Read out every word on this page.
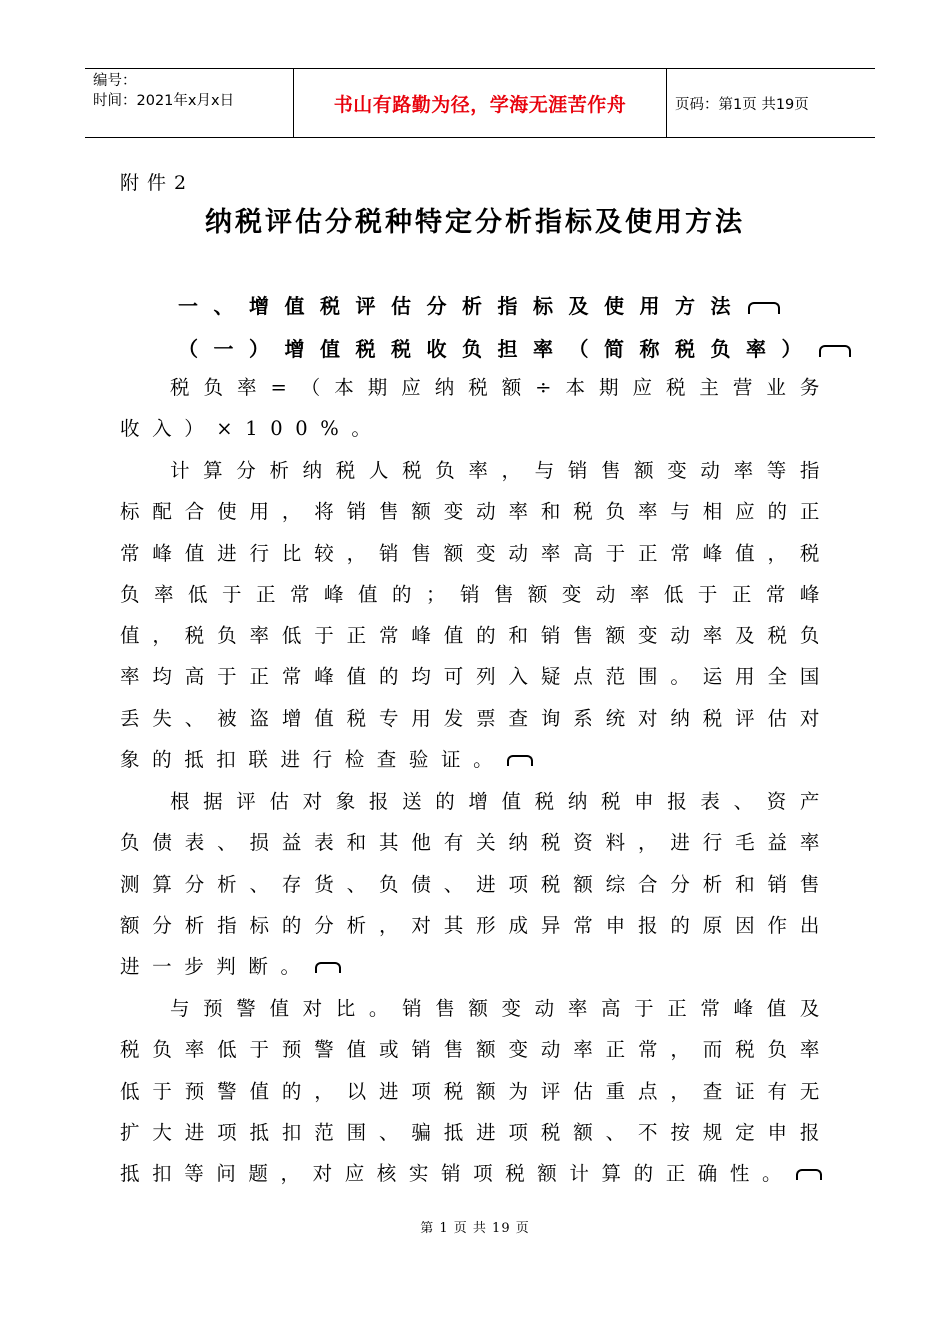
编号：
时间：2021年x月x日	书山有路勤为径，学海无涯苦作舟	页码：第1页 共19页
附件2
纳税评估分税种特定分析指标及使用方法
一、增值税评估分析指标及使用方法
（一）增值税税收负担率（简称税负率）
税负率=（本期应纳税额÷本期应税主营业务收入）×100%。
计算分析纳税人税负率，与销售额变动率等指标配合使用，将销售额变动率和税负率与相应的正常峰值进行比较，销售额变动率高于正常峰值，税负率低于正常峰值的；销售额变动率低于正常峰值，税负率低于正常峰值的和销售额变动率及税负率均高于正常峰值的均可列入疑点范围。运用全国丢失、被盗增值税专用发票查询系统对纳税评估对象的抵扣联进行检查验证。
根据评估对象报送的增值税纳税申报表、资产负债表、损益表和其他有关纳税资料，进行毛益率测算分析、存货、负债、进项税额综合分析和销售额分析指标的分析，对其形成异常申报的原因作出进一步判断。
与预警值对比。销售额变动率高于正常峰值及税负率低于预警值或销售额变动率正常，而税负率低于预警值的，以进项税额为评估重点，查证有无扩大进项抵扣范围、骗抵进项税额、不按规定申报抵扣等问题，对应核实销项税额计算的正确性。
第 1 页 共 19 页
